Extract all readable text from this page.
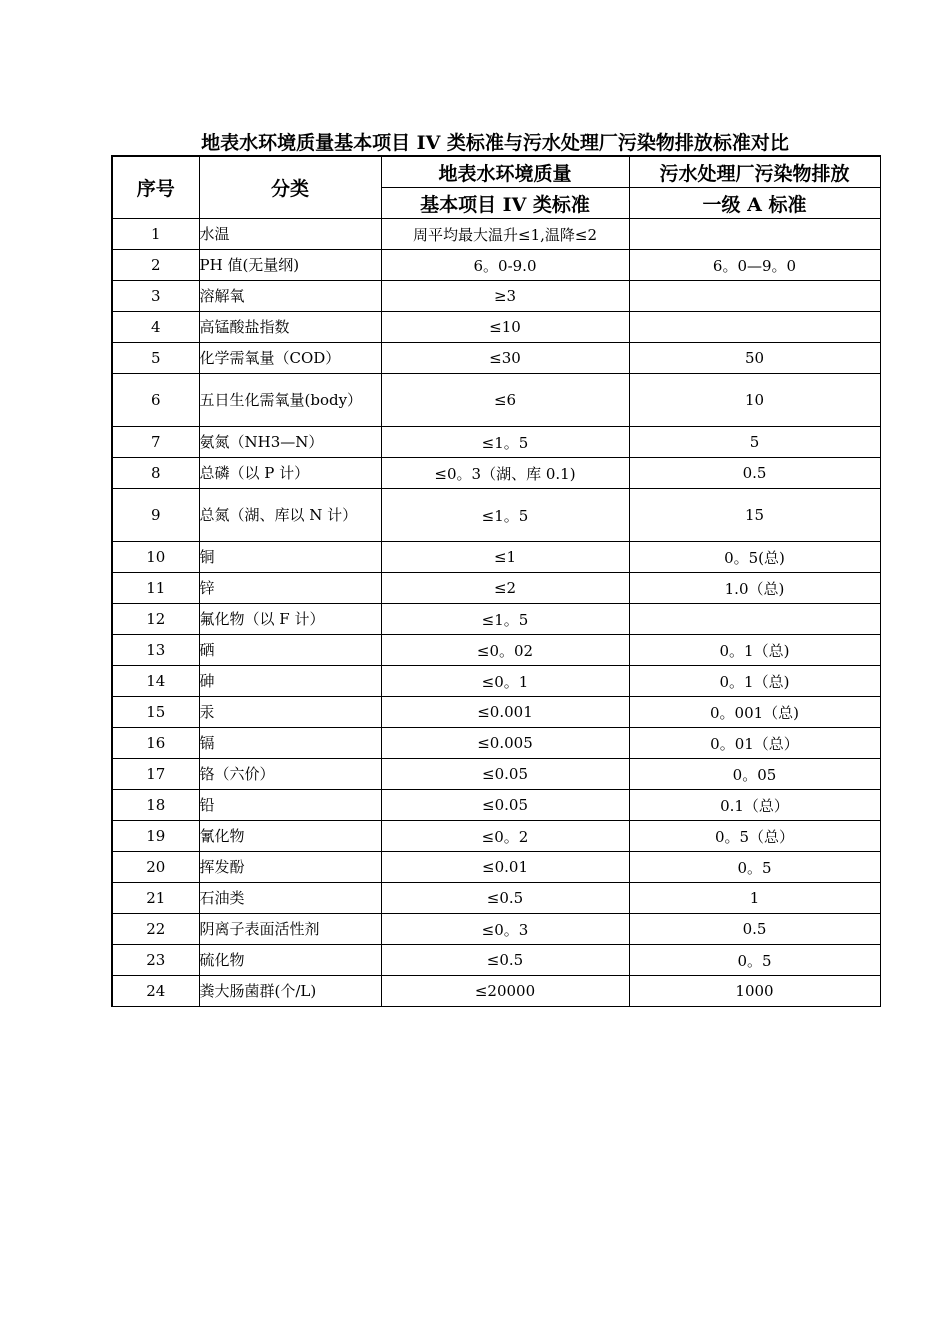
地表水环境质量基本项目 IV 类标准与污水处理厂污染物排放标准对比
序号	分类	地表水环境质量	污水处理厂污染物排放
		基本项目 IV 类标准	一级 A 标准
1	水温	周平均最大温升≤1,温降≤2	
2	PH 值(无量纲)	6。0-9.0	6。0—9。0
3	溶解氧	≥3	
4	高锰酸盐指数	≤10	
5	化学需氧量（COD）	≤30	50
6	五日生化需氧量(body）	≤6	10
7	氨氮（NH3—N）	≤1。5	5
8	总磷（以 P 计）	≤0。3（湖、库 0.1)	0.5
9	总氮（湖、库以 N 计）	≤1。5	15
10	铜	≤1	0。5(总)
11	锌	≤2	1.0（总)
12	氟化物（以 F 计）	≤1。5	
13	硒	≤0。02	0。1（总)
14	砷	≤0。1	0。1（总)
15	汞	≤0.001	0。001（总)
16	镉	≤0.005	0。01（总）
17	铬（六价）	≤0.05	0。05
18	铅	≤0.05	0.1（总）
19	氰化物	≤0。2	0。5（总）
20	挥发酚	≤0.01	0。5
21	石油类	≤0.5	1
22	阴离子表面活性剂	≤0。3	0.5
23	硫化物	≤0.5	0。5
24	粪大肠菌群(个/L)	≤20000	1000
